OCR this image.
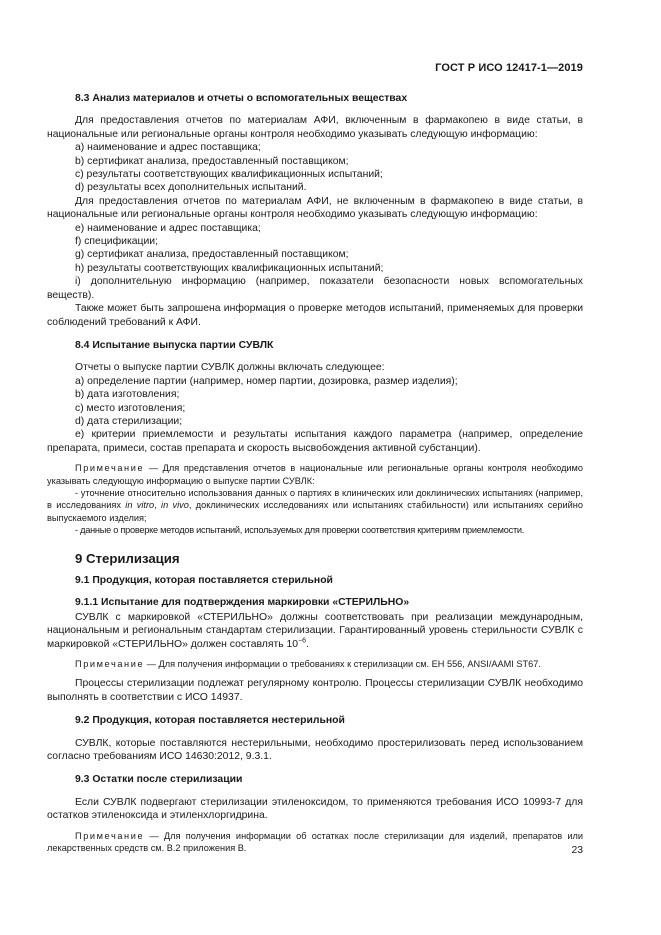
ГОСТ Р ИСО 12417-1—2019
8.3 Анализ материалов и отчеты о вспомогательных веществах

Для предоставления отчетов по материалам АФИ, включенным в фармакопею в виде статьи, в национальные или региональные органы контроля необходимо указывать следующую информацию:

а) наименование и адрес поставщика;

b) сертификат анализа, предоставленный поставщиком;

c) результаты соответствующих квалификационных испытаний;

d) результаты всех дополнительных испытаний.

Для предоставления отчетов по материалам АФИ, не включенным в фармакопею в виде статьи, в национальные или региональные органы контроля необходимо указывать следующую информацию:

e) наименование и адрес поставщика;

f) спецификации;

g) сертификат анализа, предоставленный поставщиком;

h) результаты соответствующих квалификационных испытаний;

i) дополнительную информацию (например, показатели безопасности новых вспомогательных веществ).

Также может быть запрошена информация о проверке методов испытаний, применяемых для проверки соблюдений требований к АФИ.

8.4 Испытание выпуска партии СУВЛК

Отчеты о выпуске партии СУВЛК должны включать следующее:

a) определение партии (например, номер партии, дозировка, размер изделия);

b) дата изготовления;

c) место изготовления;

d) дата стерилизации;

e) критерии приемлемости и результаты испытания каждого параметра (например, определение препарата, примеси, состав препарата и скорость высвобождения активной субстанции).

Примечание — Для представления отчетов в национальные или региональные органы контроля необходимо указывать следующую информацию о выпуске партии СУВЛК:

- уточнение относительно использования данных о партиях в клинических или доклинических испытаниях (например, в исследованиях in vitro, in vivo, доклинических исследованиях или испытаниях стабильности) или испытаниях серийно выпускаемого изделия;

- данные о проверке методов испытаний, используемых для проверки соответствия критериям приемлемости.

9 Стерилизация
9.1 Продукция, которая поставляется стерильной
9.1.1 Испытание для подтверждения маркировки «СТЕРИЛЬНО»

СУВЛК с маркировкой «СТЕРИЛЬНО» должны соответствовать при реализации международным, национальным и региональным стандартам стерилизации. Гарантированный уровень стерильности СУВЛК с маркировкой «СТЕРИЛЬНО» должен составлять $10^{-6}$.

Примечание — Для получения информации о требованиях к стерилизации см. ЕН 556, ANSI/AAMI ST67.

Процессы стерилизации подлежат регулярному контролю. Процессы стерилизации СУВЛК необходимо выполнять в соответствии с ИСО 14937.

9.2 Продукция, которая поставляется нестерильной

СУВЛК, которые поставляются нестерильными, необходимо простерилизовать перед использованием согласно требованиям ИСО 14630:2012, 9.3.1.

9.3 Остатки после стерилизации

Если СУВЛК подвергают стерилизации этиленоксидом, то применяются требования ИСО 10993-7 для остатков этиленоксида и этиленхлоргидрина.

Примечание — Для получения информации об остатках после стерилизации для изделий, препаратов или лекарственных средств см. B.2 приложения B.	23
